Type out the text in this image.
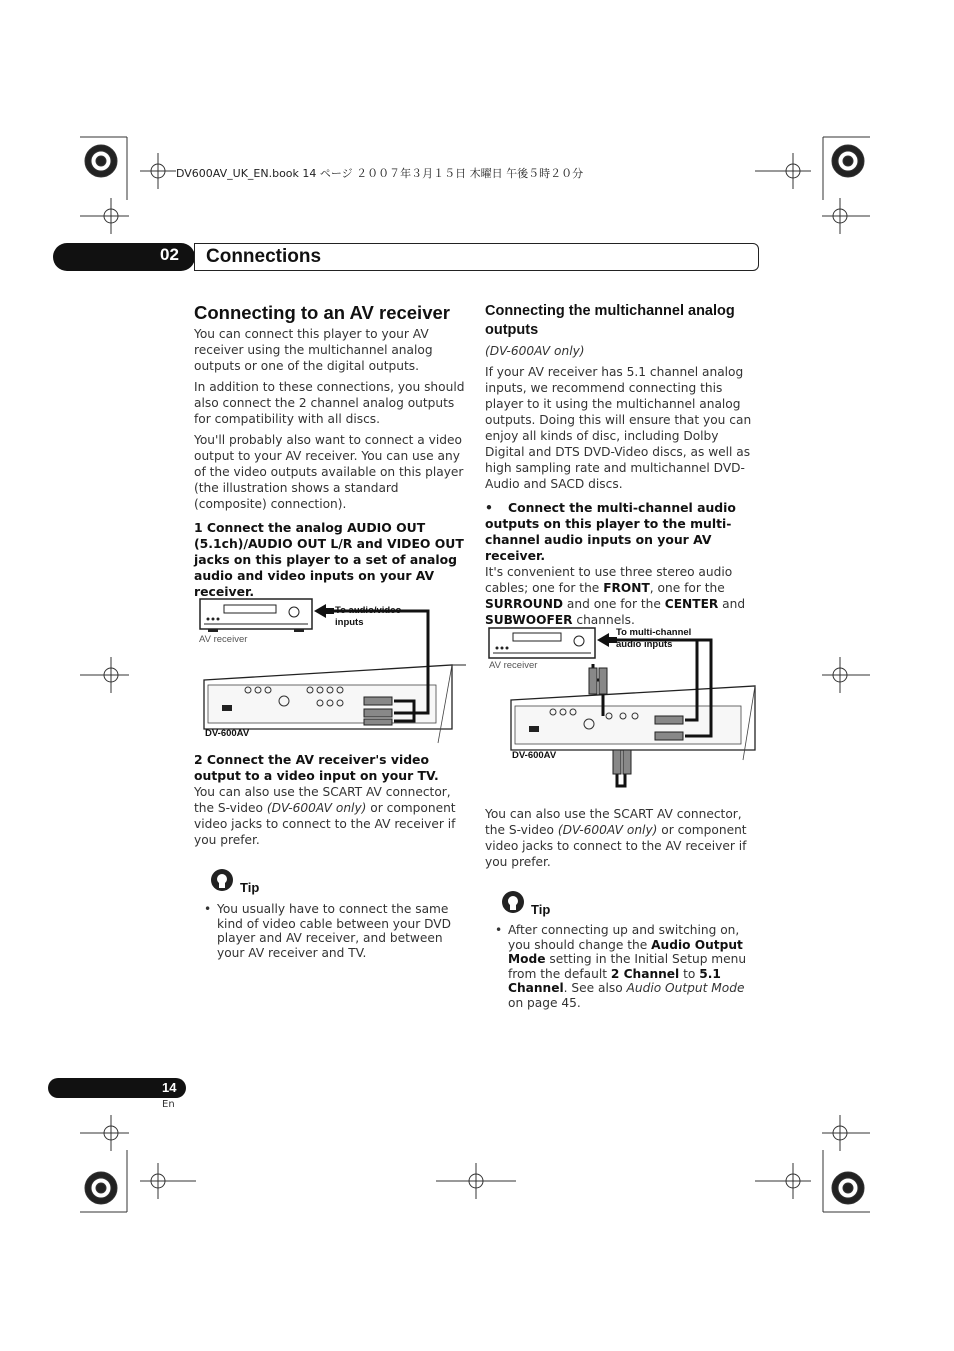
DV600AV_UK_EN.book 14 ページ ２００７年３月１５日 木曜日 午後５時２０分
02 Connections
Connecting to an AV receiver

You can connect this player to your AV receiver using the multichannel analog outputs or one of the digital outputs.

In addition to these connections, you should also connect the 2 channel analog outputs for compatibility with all discs.

You'll probably also want to connect a video output to your AV receiver. You can use any of the video outputs available on this player (the illustration shows a standard (composite) connection).

1 Connect the analog AUDIO OUT (5.1ch)/AUDIO OUT L/R and VIDEO OUT jacks on this player to a set of analog audio and video inputs on your AV receiver.

To audio/video inputs
AV receiver
DV-600AV

2 Connect the AV receiver's video output to a video input on your TV.

You can also use the SCART AV connector, the S-video (DV-600AV only) or component video jacks to connect to the AV receiver if you prefer.

Tip
• You usually have to connect the same kind of video cable between your DVD player and AV receiver, and between your AV receiver and TV.
Connecting the multichannel analog outputs

(DV-600AV only)

If your AV receiver has 5.1 channel analog inputs, we recommend connecting this player to it using the multichannel analog outputs. Doing this will ensure that you can enjoy all kinds of disc, including Dolby Digital and DTS DVD-Video discs, as well as high sampling rate and multichannel DVD-Audio and SACD discs.

•	Connect the multi-channel audio outputs on this player to the multi-channel audio inputs on your AV receiver.

It's convenient to use three stereo audio cables; one for the FRONT, one for the SURROUND and one for the CENTER and SUBWOOFER channels.

To multi-channel audio inputs
AV receiver
DV-600AV

You can also use the SCART AV connector, the S-video (DV-600AV only) or component video jacks to connect to the AV receiver if you prefer.

Tip
• After connecting up and switching on, you should change the Audio Output Mode setting in the Initial Setup menu from the default 2 Channel to 5.1 Channel. See also Audio Output Mode on page 45.
14
En
